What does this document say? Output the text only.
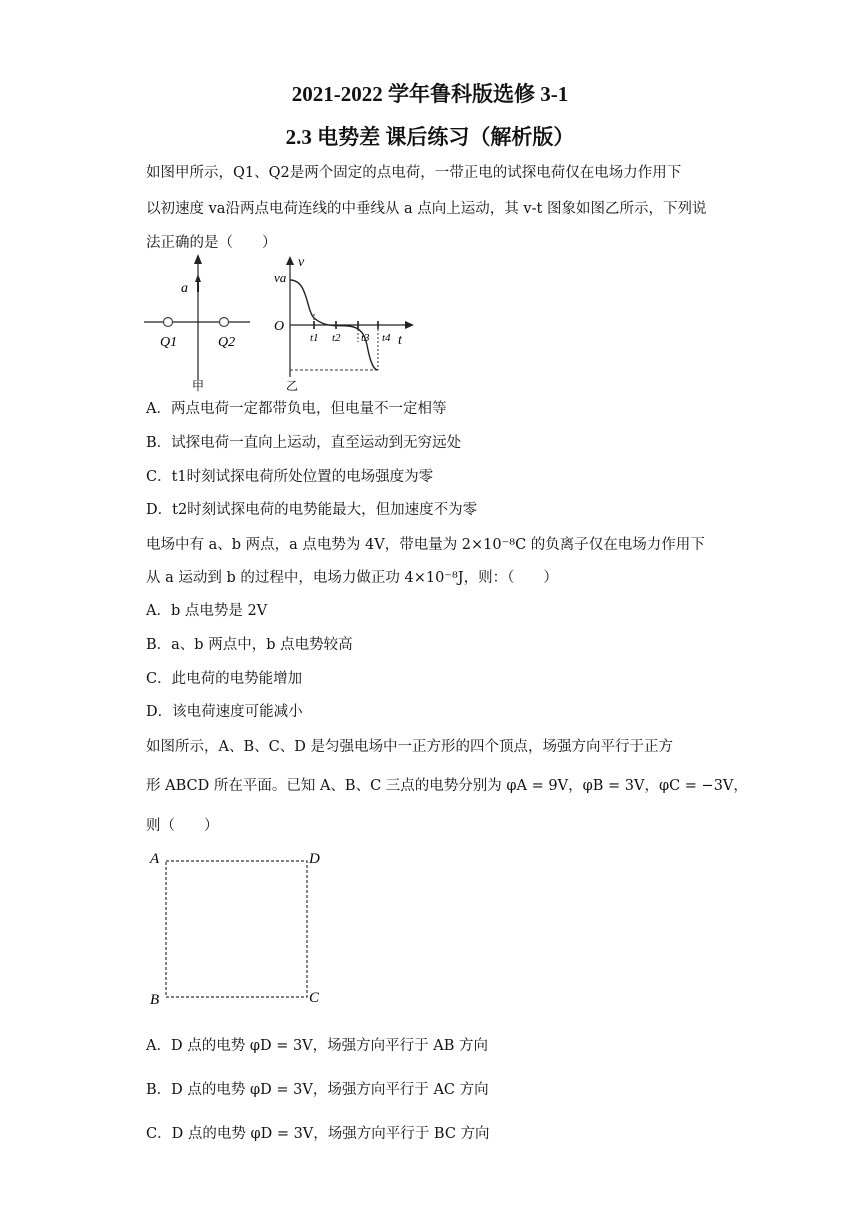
2021-2022 学年鲁科版选修 3-1
2.3 电势差 课后练习（解析版）
如图甲所示，Q1、Q2是两个固定的点电荷，一带正电的试探电荷仅在电场力作用下
以初速度 va沿两点电荷连线的中垂线从 a 点向上运动，其 v-t 图象如图乙所示，下列说
法正确的是（　　）
a
Q1	Q2
甲
v
va
O
t
t1 t2 t3 t4
乙
A．两点电荷一定都带负电，但电量不一定相等
B．试探电荷一直向上运动，直至运动到无穷远处
C．t1时刻试探电荷所处位置的电场强度为零
D．t2时刻试探电荷的电势能最大，但加速度不为零
电场中有 a、b 两点，a 点电势为 4V，带电量为 2×10⁻⁸C 的负离子仅在电场力作用下
从 a 运动到 b 的过程中，电场力做正功 4×10⁻⁸J，则：（　　）
A．b 点电势是 2V
B．a、b 两点中，b 点电势较高
C．此电荷的电势能增加
D．该电荷速度可能减小
如图所示，A、B、C、D 是匀强电场中一正方形的四个顶点，场强方向平行于正方
形 ABCD 所在平面。已知 A、B、C 三点的电势分别为 φA = 9V，φB = 3V，φC = −3V，
则（　　）
A	D
B	C
A．D 点的电势 φD = 3V，场强方向平行于 AB 方向
B．D 点的电势 φD = 3V，场强方向平行于 AC 方向
C．D 点的电势 φD = 3V，场强方向平行于 BC 方向
